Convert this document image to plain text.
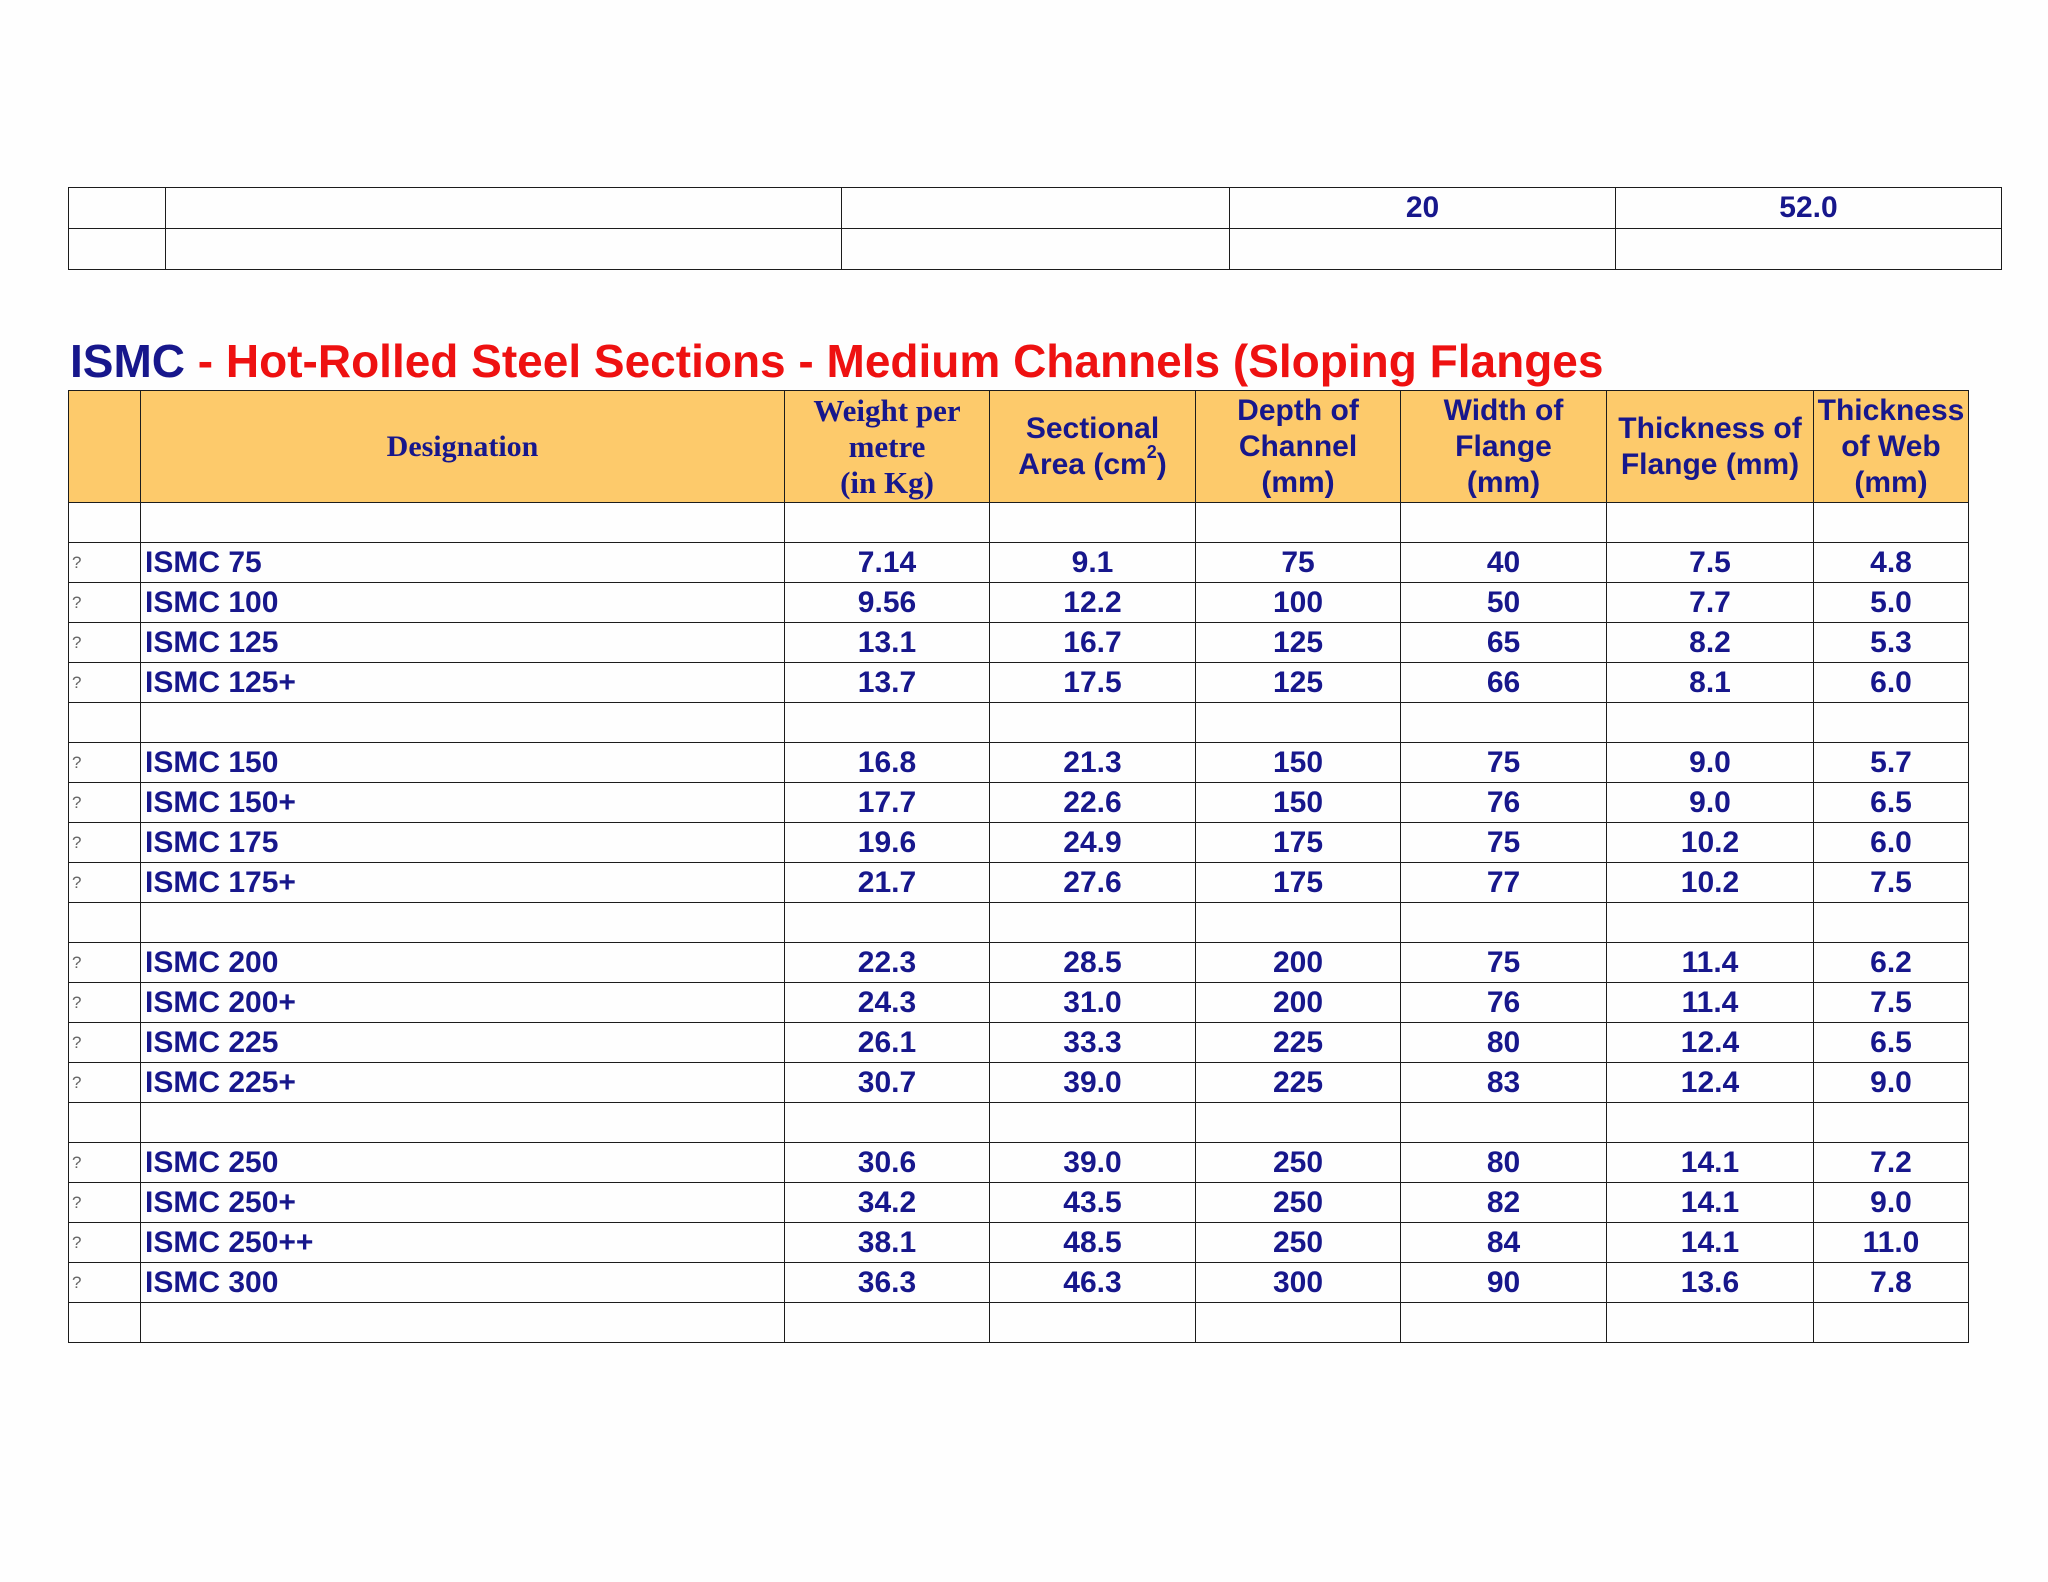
			20	52.0

ISMC - Hot-Rolled Steel Sections - Medium Channels (Sloping Flanges
	Designation	Weight per
metre
(in Kg)	Sectional
Area $(cm^2)$	Depth of
Channel
(mm)	Width of
Flange
(mm)	Thickness of
Flange (mm)	Thickness
of Web
(mm)

?	ISMC 75	7.14	9.1	75	40	7.5	4.8
?	ISMC 100	9.56	12.2	100	50	7.7	5.0
?	ISMC 125	13.1	16.7	125	65	8.2	5.3
?	ISMC 125+	13.7	17.5	125	66	8.1	6.0

?	ISMC 150	16.8	21.3	150	75	9.0	5.7
?	ISMC 150+	17.7	22.6	150	76	9.0	6.5
?	ISMC 175	19.6	24.9	175	75	10.2	6.0
?	ISMC 175+	21.7	27.6	175	77	10.2	7.5

?	ISMC 200	22.3	28.5	200	75	11.4	6.2
?	ISMC 200+	24.3	31.0	200	76	11.4	7.5
?	ISMC 225	26.1	33.3	225	80	12.4	6.5
?	ISMC 225+	30.7	39.0	225	83	12.4	9.0

?	ISMC 250	30.6	39.0	250	80	14.1	7.2
?	ISMC 250+	34.2	43.5	250	82	14.1	9.0
?	ISMC 250++	38.1	48.5	250	84	14.1	11.0
?	ISMC 300	36.3	46.3	300	90	13.6	7.8
